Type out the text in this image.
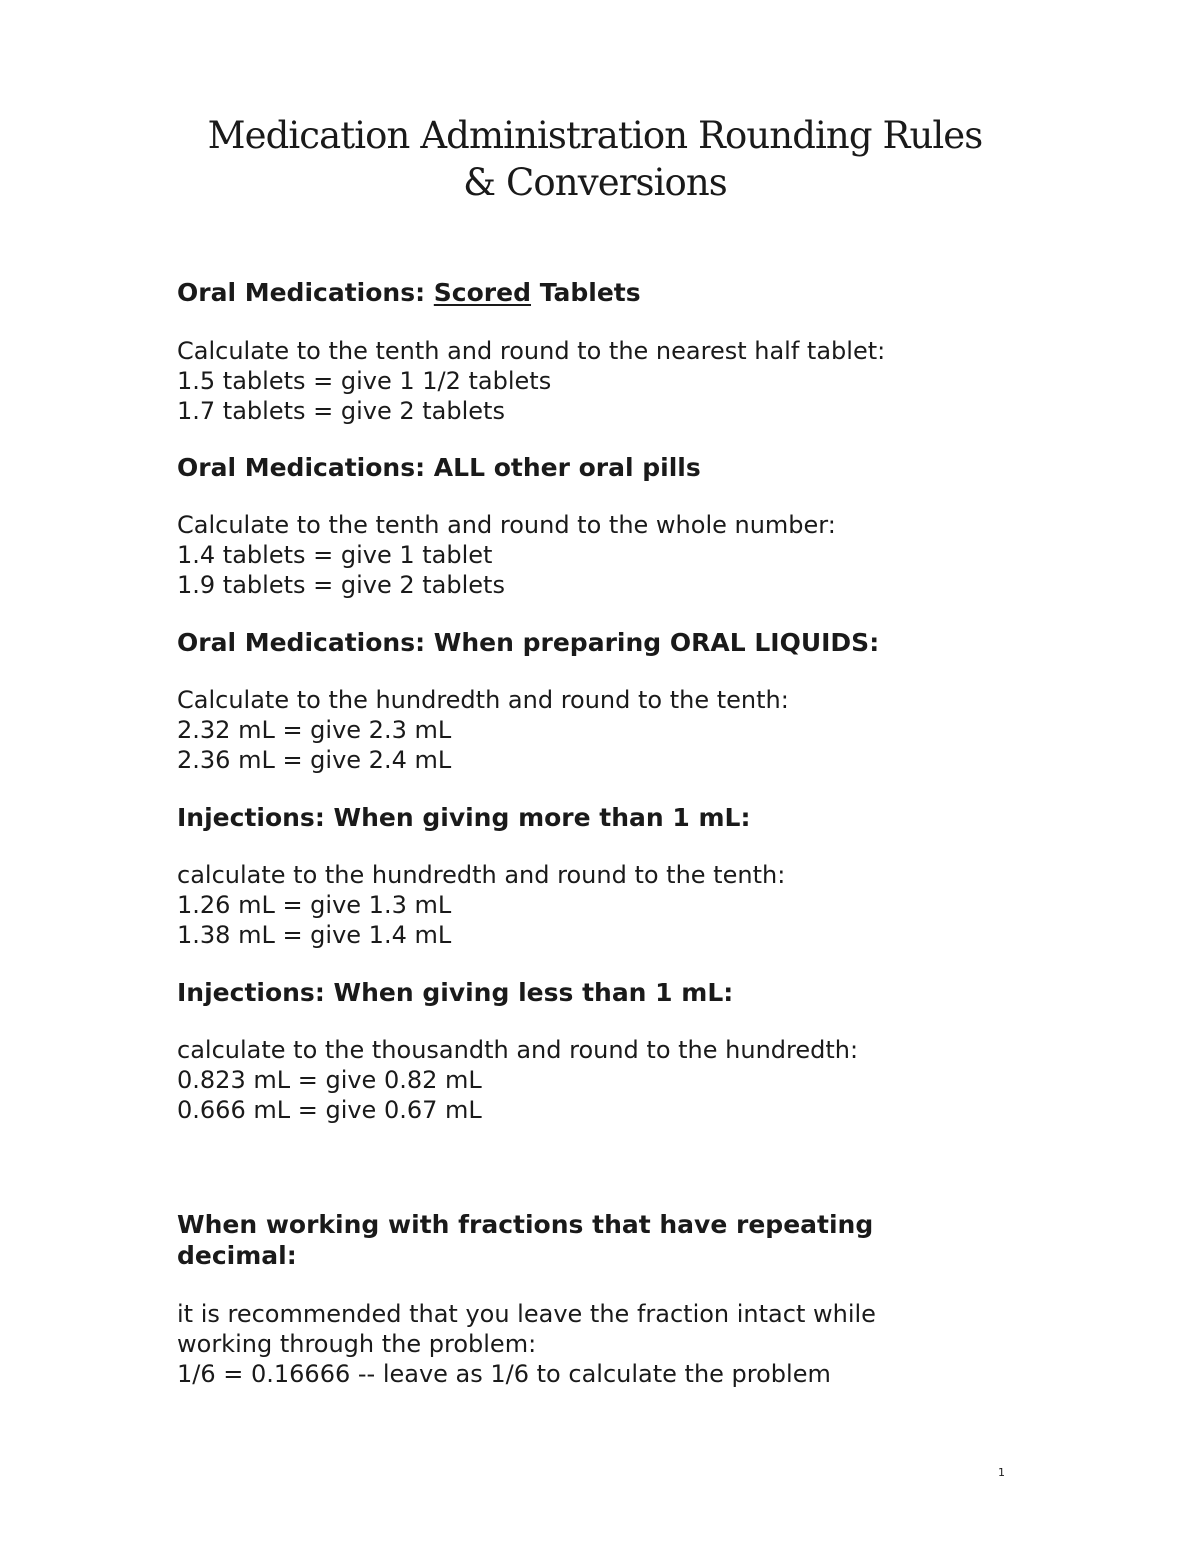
Medication Administration Rounding Rules
& Conversions
Oral Medications: Scored Tablets
Calculate to the tenth and round to the nearest half tablet:
1.5 tablets = give 1 1/2 tablets
1.7 tablets = give 2 tablets
Oral Medications: ALL other oral pills
Calculate to the tenth and round to the whole number:
1.4 tablets = give 1 tablet
1.9 tablets = give 2 tablets
Oral Medications: When preparing ORAL LIQUIDS:
Calculate to the hundredth and round to the tenth:
2.32 mL = give 2.3 mL
2.36 mL = give 2.4 mL
Injections: When giving more than 1 mL:
calculate to the hundredth and round to the tenth:
1.26 mL = give 1.3 mL
1.38 mL = give 1.4 mL
Injections: When giving less than 1 mL:
calculate to the thousandth and round to the hundredth:
0.823 mL = give 0.82 mL
0.666 mL = give 0.67 mL
When working with fractions that have repeating
decimal:
it is recommended that you leave the fraction intact while
working through the problem:
1/6 = 0.16666 -- leave as 1/6 to calculate the problem
1
